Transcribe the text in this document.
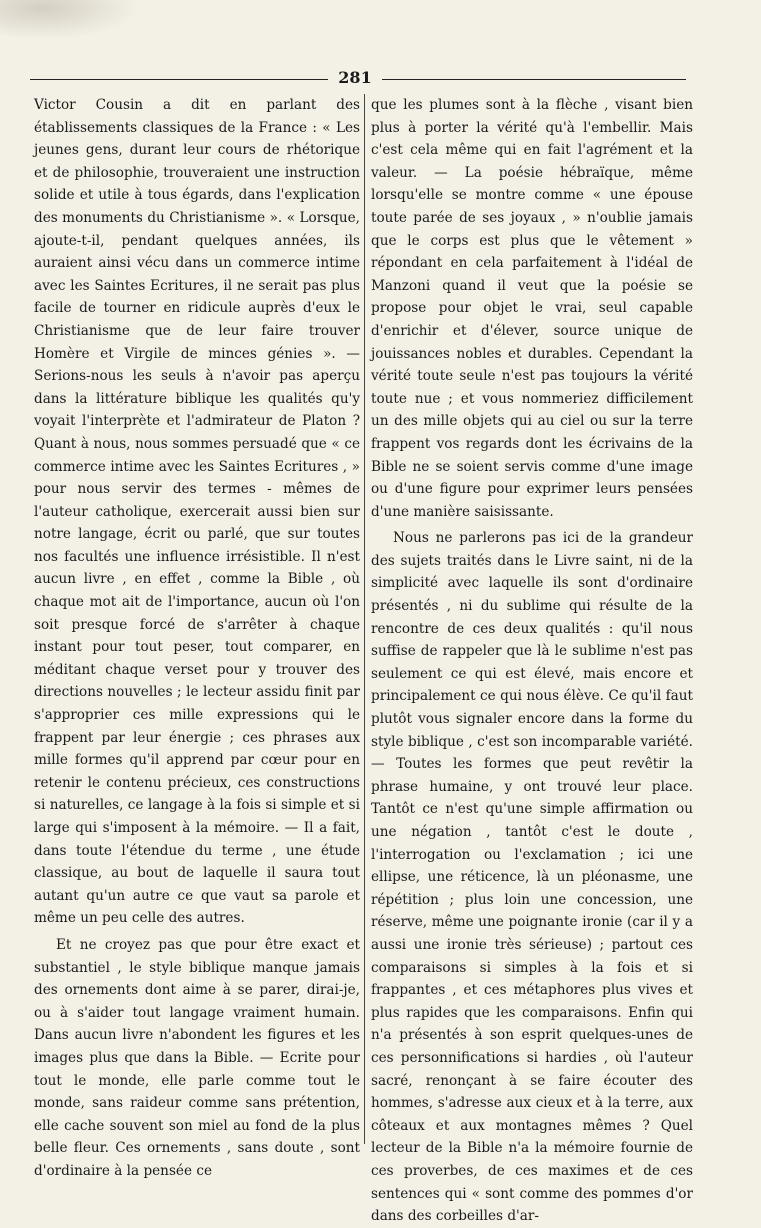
281

Victor Cousin a dit en parlant des établissements classiques de la France : « Les jeunes gens, durant leur cours de rhétorique et de philosophie, trouveraient une instruction solide et utile à tous égards, dans l'explication des monuments du Christianisme ». « Lorsque, ajoute-t-il, pendant quelques années, ils auraient ainsi vécu dans un commerce intime avec les Saintes Ecritures, il ne serait pas plus facile de tourner en ridicule auprès d'eux le Christianisme que de leur faire trouver Homère et Virgile de minces génies ». — Serions-nous les seuls à n'avoir pas aperçu dans la littérature biblique les qualités qu'y voyait l'interprète et l'admirateur de Platon ? Quant à nous, nous sommes persuadé que « ce commerce intime avec les Saintes Ecritures , » pour nous servir des termes - mêmes de l'auteur catholique, exercerait aussi bien sur notre langage, écrit ou parlé, que sur toutes nos facultés une influence irrésistible. Il n'est aucun livre , en effet , comme la Bible , où chaque mot ait de l'importance, aucun où l'on soit presque forcé de s'arrêter à chaque instant pour tout peser, tout comparer, en méditant chaque verset pour y trouver des directions nouvelles ; le lecteur assidu finit par s'approprier ces mille expressions qui le frappent par leur énergie ; ces phrases aux mille formes qu'il apprend par cœur pour en retenir le contenu précieux, ces constructions si naturelles, ce langage à la fois si simple et si large qui s'imposent à la mémoire. — Il a fait, dans toute l'étendue du terme , une étude classique, au bout de laquelle il saura tout autant qu'un autre ce que vaut sa parole et même un peu celle des autres.

Et ne croyez pas que pour être exact et substantiel , le style biblique manque jamais des ornements dont aime à se parer, dirai-je, ou à s'aider tout langage vraiment humain. Dans aucun livre n'abondent les figures et les images plus que dans la Bible. — Ecrite pour tout le monde, elle parle comme tout le monde, sans raideur comme sans prétention, elle cache souvent son miel au fond de la plus belle fleur. Ces ornements , sans doute , sont d'ordinaire à la pensée ce

que les plumes sont à la flèche , visant bien plus à porter la vérité qu'à l'embellir. Mais c'est cela même qui en fait l'agrément et la valeur. — La poésie hébraïque, même lorsqu'elle se montre comme « une épouse toute parée de ses joyaux , » n'oublie jamais que le corps est plus que le vêtement » répondant en cela parfaitement à l'idéal de Manzoni quand il veut que la poésie se propose pour objet le vrai, seul capable d'enrichir et d'élever, source unique de jouissances nobles et durables. Cependant la vérité toute seule n'est pas toujours la vérité toute nue ; et vous nommeriez difficilement un des mille objets qui au ciel ou sur la terre frappent vos regards dont les écrivains de la Bible ne se soient servis comme d'une image ou d'une figure pour exprimer leurs pensées d'une manière saisissante.

Nous ne parlerons pas ici de la grandeur des sujets traités dans le Livre saint, ni de la simplicité avec laquelle ils sont d'ordinaire présentés , ni du sublime qui résulte de la rencontre de ces deux qualités : qu'il nous suffise de rappeler que là le sublime n'est pas seulement ce qui est élevé, mais encore et principalement ce qui nous élève. Ce qu'il faut plutôt vous signaler encore dans la forme du style biblique , c'est son incomparable variété. — Toutes les formes que peut revêtir la phrase humaine, y ont trouvé leur place. Tantôt ce n'est qu'une simple affirmation ou une négation , tantôt c'est le doute , l'interrogation ou l'exclamation ; ici une ellipse, une réticence, là un pléonasme, une répétition ; plus loin une concession, une réserve, même une poignante ironie (car il y a aussi une ironie très sérieuse) ; partout ces comparaisons si simples à la fois et si frappantes , et ces métaphores plus vives et plus rapides que les comparaisons. Enfin qui n'a présentés à son esprit quelques-unes de ces personnifications si hardies , où l'auteur sacré, renonçant à se faire écouter des hommes, s'adresse aux cieux et à la terre, aux côteaux et aux montagnes mêmes ? Quel lecteur de la Bible n'a la mémoire fournie de ces proverbes, de ces maximes et de ces sentences qui « sont comme des pommes d'or dans des corbeilles d'ar-
